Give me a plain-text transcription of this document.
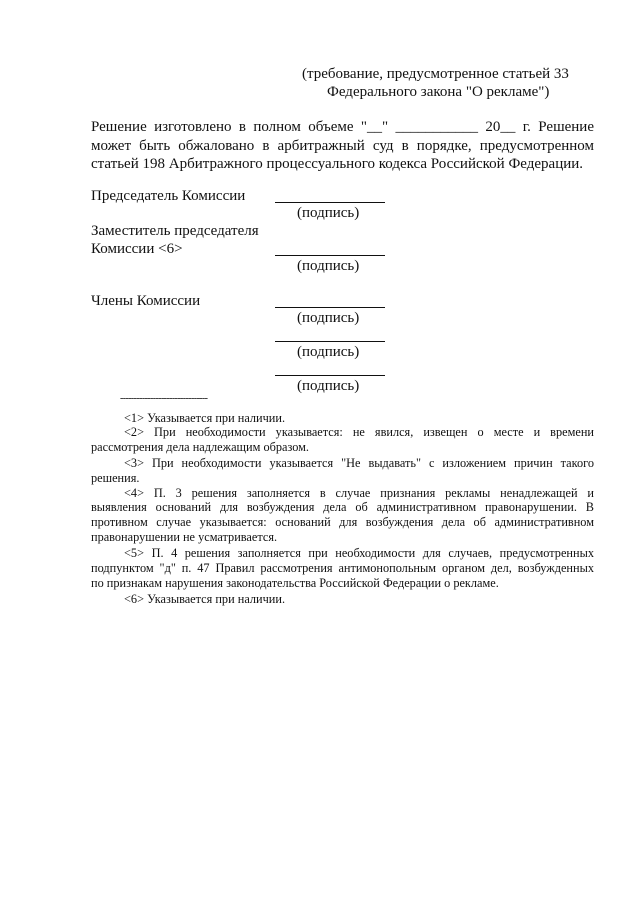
(требование, предусмотренное статьей 33
Федерального закона "О рекламе")
Решение изготовлено в полном объеме "__" ___________ 20__ г. Решение
может быть обжаловано в арбитражный суд в порядке, предусмотренном
статьей 198 Арбитражного процессуального кодекса Российской Федерации.
Председатель Комиссии
(подпись)
Заместитель председателя
Комиссии <6>
(подпись)
Члены Комиссии
(подпись)
(подпись)
(подпись)
--------------------------------
<1> Указывается при наличии.
<2> При необходимости указывается: не явился, извещен о месте и времени
рассмотрения дела надлежащим образом.
<3> При необходимости указывается "Не выдавать" с изложением причин такого
решения.
<4> П. 3 решения заполняется в случае признания рекламы ненадлежащей и
выявления оснований для возбуждения дела об административном правонарушении. В
противном случае указывается: оснований для возбуждения дела об административном
правонарушении не усматривается.
<5> П. 4 решения заполняется при необходимости для случаев, предусмотренных
подпунктом "д" п. 47 Правил рассмотрения антимонопольным органом дел, возбужденных
по признакам нарушения законодательства Российской Федерации о рекламе.
<6> Указывается при наличии.
